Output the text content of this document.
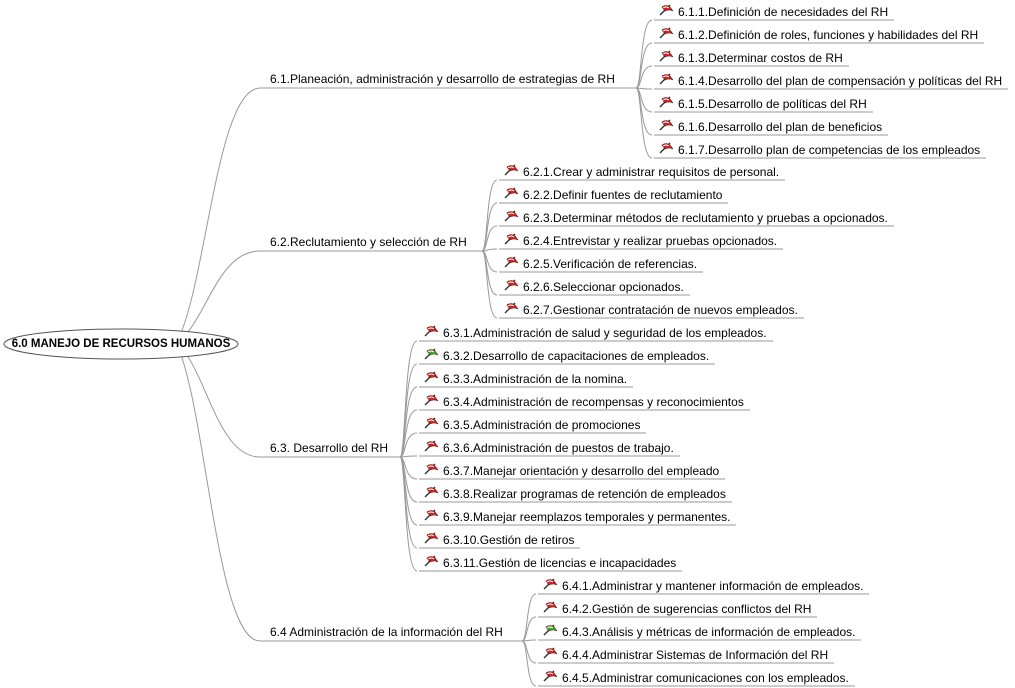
6.0 MANEJO DE RECURSOS HUMANOS
6.1.Planeación, administración y desarrollo de estrategias de RH
6.1.1.Definición de necesidades del RH
6.1.2.Definición de roles, funciones y habilidades del RH
6.1.3.Determinar costos de RH
6.1.4.Desarrollo del plan de compensación y políticas del RH
6.1.5.Desarrollo de políticas del RH
6.1.6.Desarrollo del plan de beneficios
6.1.7.Desarrollo plan de competencias de los empleados
6.2.Reclutamiento y selección de RH
6.2.1.Crear y administrar requisitos de personal.
6.2.2.Definir fuentes de reclutamiento
6.2.3.Determinar métodos de reclutamiento y pruebas a opcionados.
6.2.4.Entrevistar y realizar pruebas opcionados.
6.2.5.Verificación de referencias.
6.2.6.Seleccionar opcionados.
6.2.7.Gestionar contratación de nuevos empleados.
6.3. Desarrollo del RH
6.3.1.Administración de salud y seguridad de los empleados.
6.3.2.Desarrollo de capacitaciones de empleados.
6.3.3.Administración de la nomina.
6.3.4.Administración de recompensas y reconocimientos
6.3.5.Administración de promociones
6.3.6.Administración de puestos de trabajo.
6.3.7.Manejar orientación y desarrollo del empleado
6.3.8.Realizar programas de retención de empleados
6.3.9.Manejar reemplazos temporales y permanentes.
6.3.10.Gestión de retiros
6.3.11.Gestión de licencias e incapacidades
6.4 Administración de la información del RH
6.4.1.Administrar y mantener información de empleados.
6.4.2.Gestión de sugerencias conflictos del RH
6.4.3.Análisis y métricas de información de empleados.
6.4.4.Administrar Sistemas de Información del RH
6.4.5.Administrar comunicaciones con los empleados.
